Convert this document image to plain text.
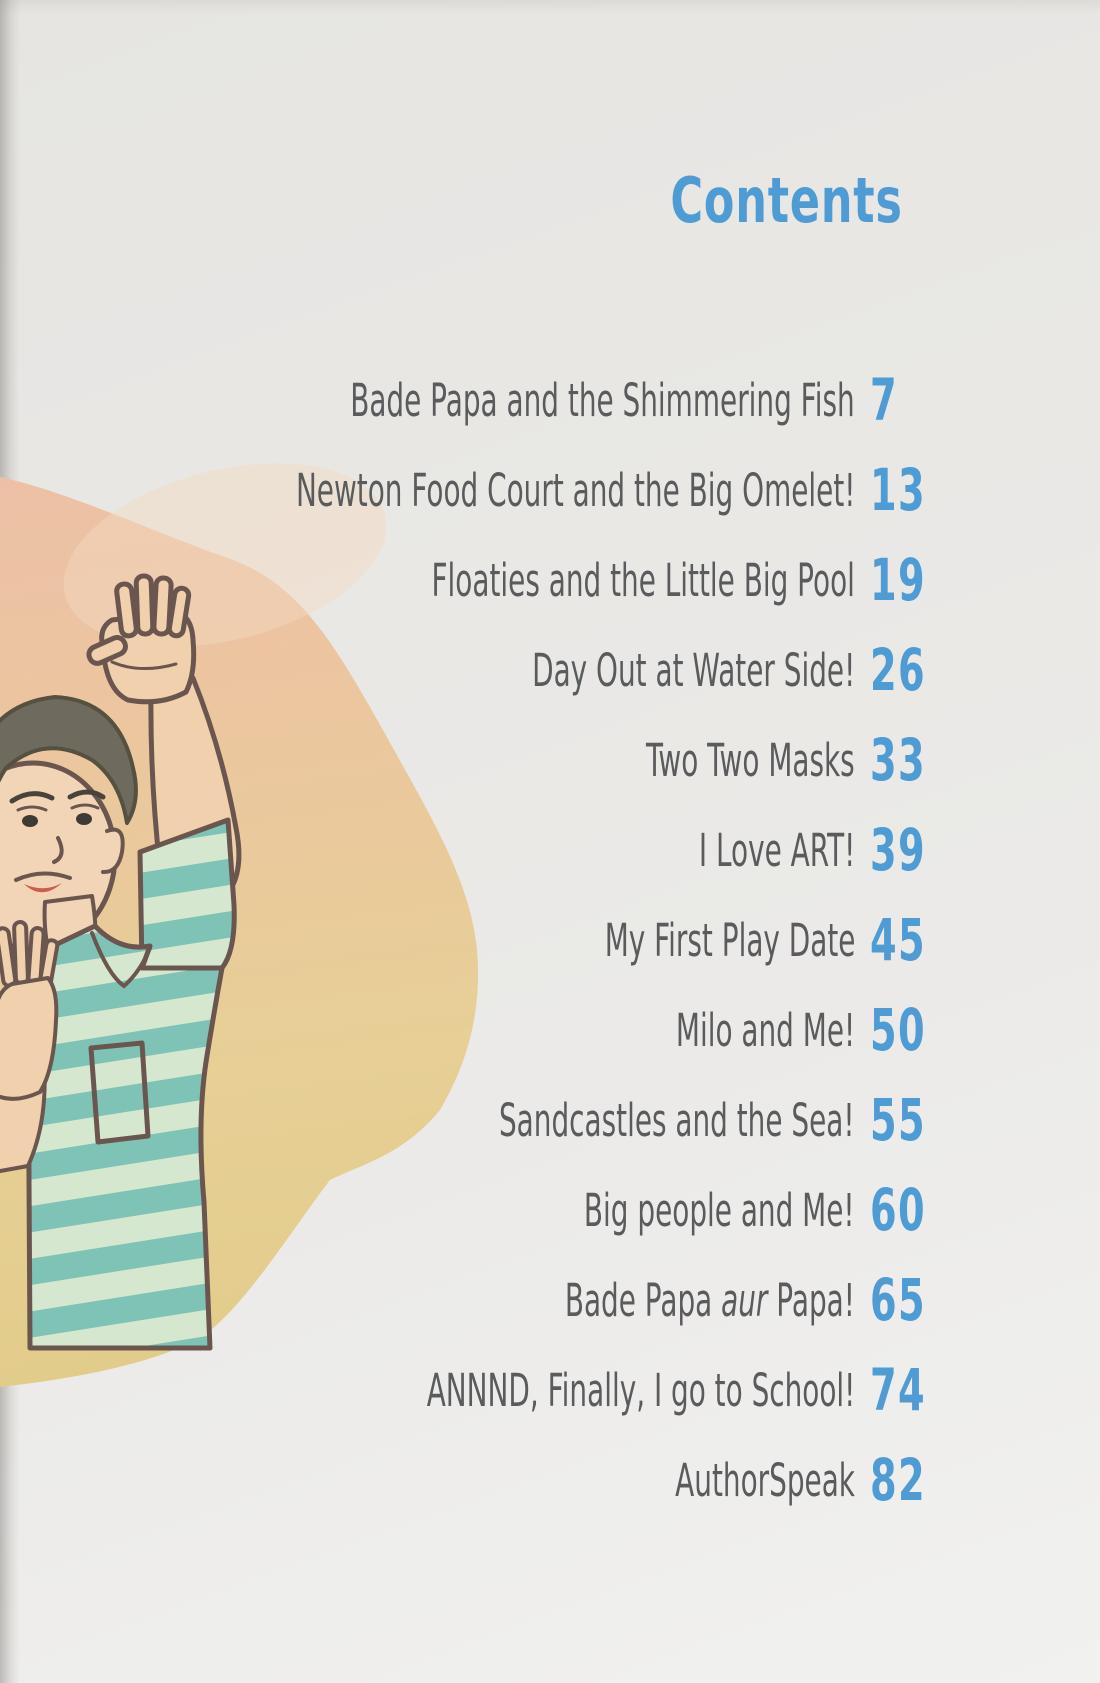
Contents
Bade Papa and the Shimmering Fish 7
Newton Food Court and the Big Omelet! 13
Floaties and the Little Big Pool 19
Day Out at Water Side! 26
Two Two Masks 33
I Love ART! 39
My First Play Date 45
Milo and Me! 50
Sandcastles and the Sea! 55
Big people and Me! 60
Bade Papa aur Papa! 65
ANNND, Finally, I go to School! 74
AuthorSpeak 82
